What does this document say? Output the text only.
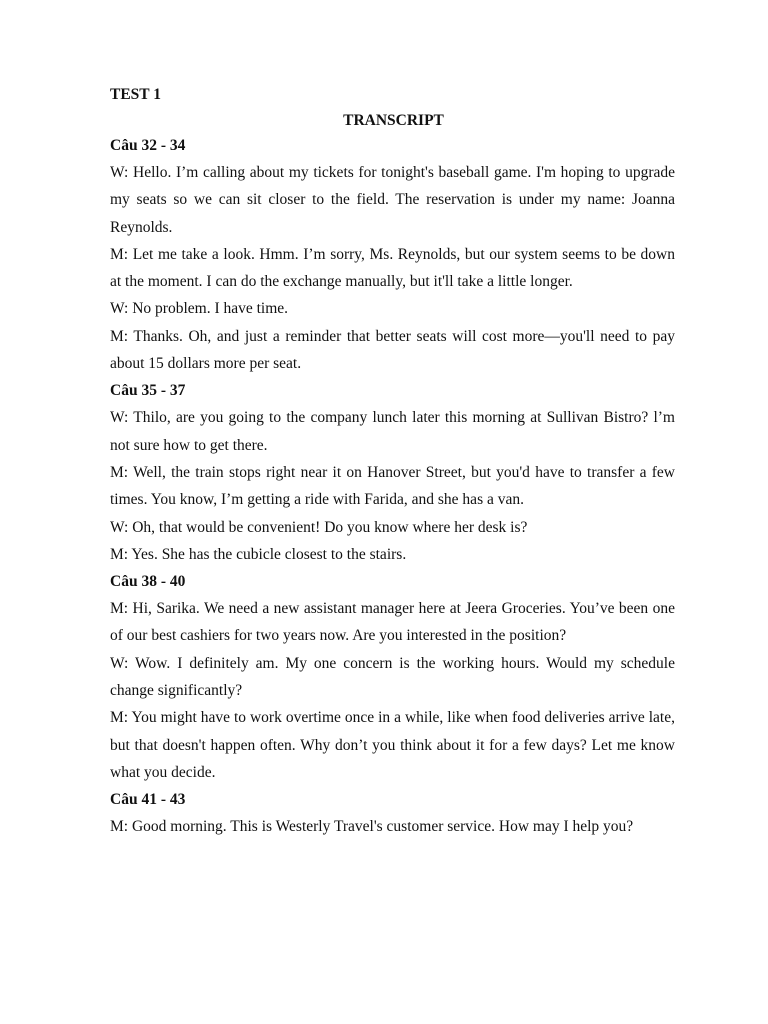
TEST 1

TRANSCRIPT

Câu 32 - 34

W: Hello. I’m calling about my tickets for tonight's baseball game. I'm hoping to upgrade my seats so we can sit closer to the field. The reservation is under my name: Joanna Reynolds.

M: Let me take a look. Hmm. I’m sorry, Ms. Reynolds, but our system seems to be down at the moment. I can do the exchange manually, but it'll take a little longer.

W: No problem. I have time.

M: Thanks. Oh, and just a reminder that better seats will cost more—you'll need to pay about 15 dollars more per seat.

Câu 35 - 37

W: Thilo, are you going to the company lunch later this morning at Sullivan Bistro? l’m not sure how to get there.

M: Well, the train stops right near it on Hanover Street, but you'd have to transfer a few times. You know, I’m getting a ride with Farida, and she has a van.

W: Oh, that would be convenient! Do you know where her desk is?

M: Yes. She has the cubicle closest to the stairs.

Câu 38 - 40

M: Hi, Sarika. We need a new assistant manager here at Jeera Groceries. You’ve been one of our best cashiers for two years now. Are you interested in the position?

W: Wow. I definitely am. My one concern is the working hours. Would my schedule change significantly?

M: You might have to work overtime once in a while, like when food deliveries arrive late, but that doesn't happen often. Why don’t you think about it for a few days? Let me know what you decide.

Câu 41 - 43

M: Good morning. This is Westerly Travel's customer service. How may I help you?
